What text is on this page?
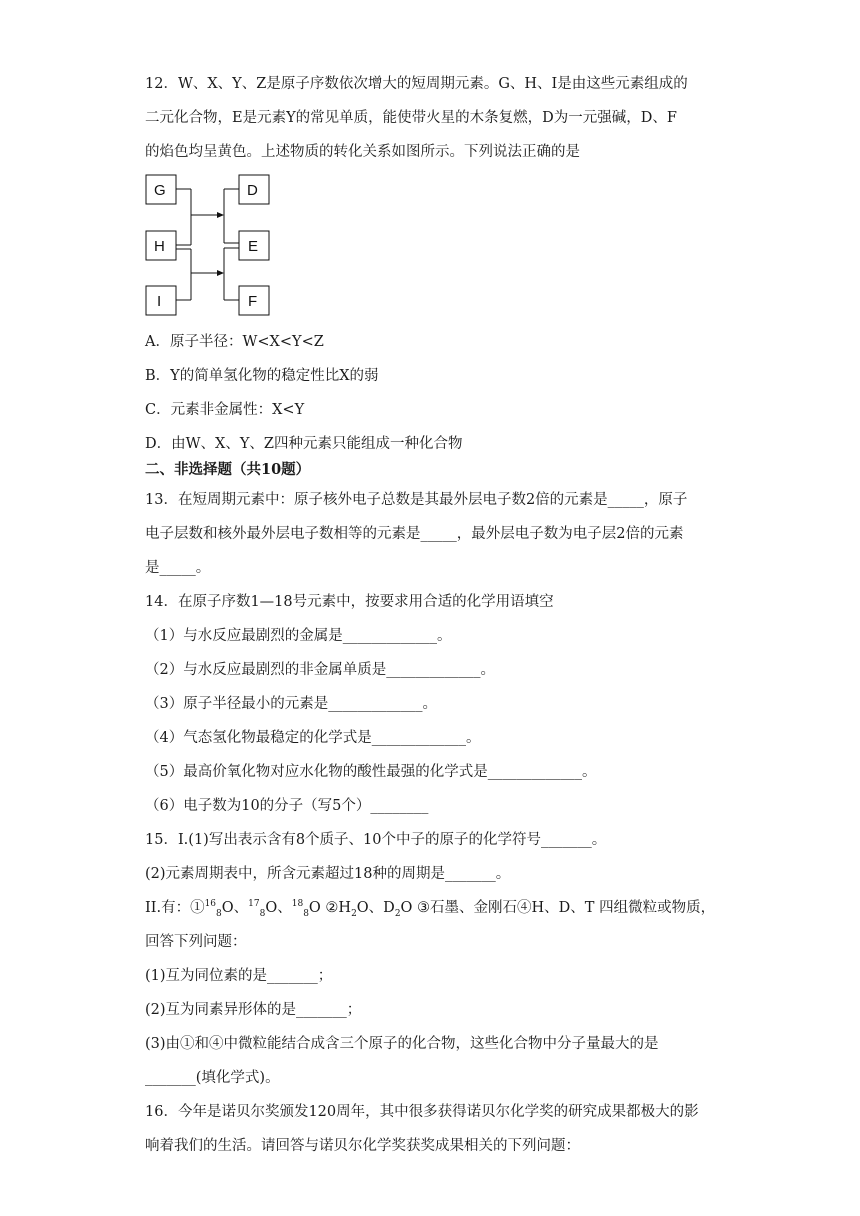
12．W、X、Y、Z是原子序数依次增大的短周期元素。G、H、I是由这些元素组成的
二元化合物，E是元素Y的常见单质，能使带火星的木条复燃，D为一元强碱，D、F
的焰色均呈黄色。上述物质的转化关系如图所示。下列说法正确的是
G
H
I
D
E
F
A．原子半径：W<X<Y<Z
B．Y的简单氢化物的稳定性比X的弱
C．元素非金属性：X<Y
D．由W、X、Y、Z四种元素只能组成一种化合物
二、非选择题（共10题）
13．在短周期元素中：原子核外电子总数是其最外层电子数2倍的元素是_____，原子
电子层数和核外最外层电子数相等的元素是_____，最外层电子数为电子层2倍的元素
是_____。
14．在原子序数1—18号元素中，按要求用合适的化学用语填空
（1）与水反应最剧烈的金属是_____________。
（2）与水反应最剧烈的非金属单质是_____________。
（3）原子半径最小的元素是_____________。
（4）气态氢化物最稳定的化学式是_____________。
（5）最高价氧化物对应水化物的酸性最强的化学式是_____________。
（6）电子数为10的分子（写5个）________
15．I.(1)写出表示含有8个质子、10个中子的原子的化学符号_______。
(2)元素周期表中，所含元素超过18种的周期是_______。
II.有：①$^{16}_8$O、$^{17}_8$O、$^{18}_8$O $②H_2O$、$D_2O$ ③石墨、金刚石④H、D、T 四组微粒或物质，
回答下列问题：
(1)互为同位素的是_______；
(2)互为同素异形体的是_______；
(3)由①和④中微粒能结合成含三个原子的化合物，这些化合物中分子量最大的是
_______(填化学式)。
16．今年是诺贝尔奖颁发120周年，其中很多获得诺贝尔化学奖的研究成果都极大的影
响着我们的生活。请回答与诺贝尔化学奖获奖成果相关的下列问题：
